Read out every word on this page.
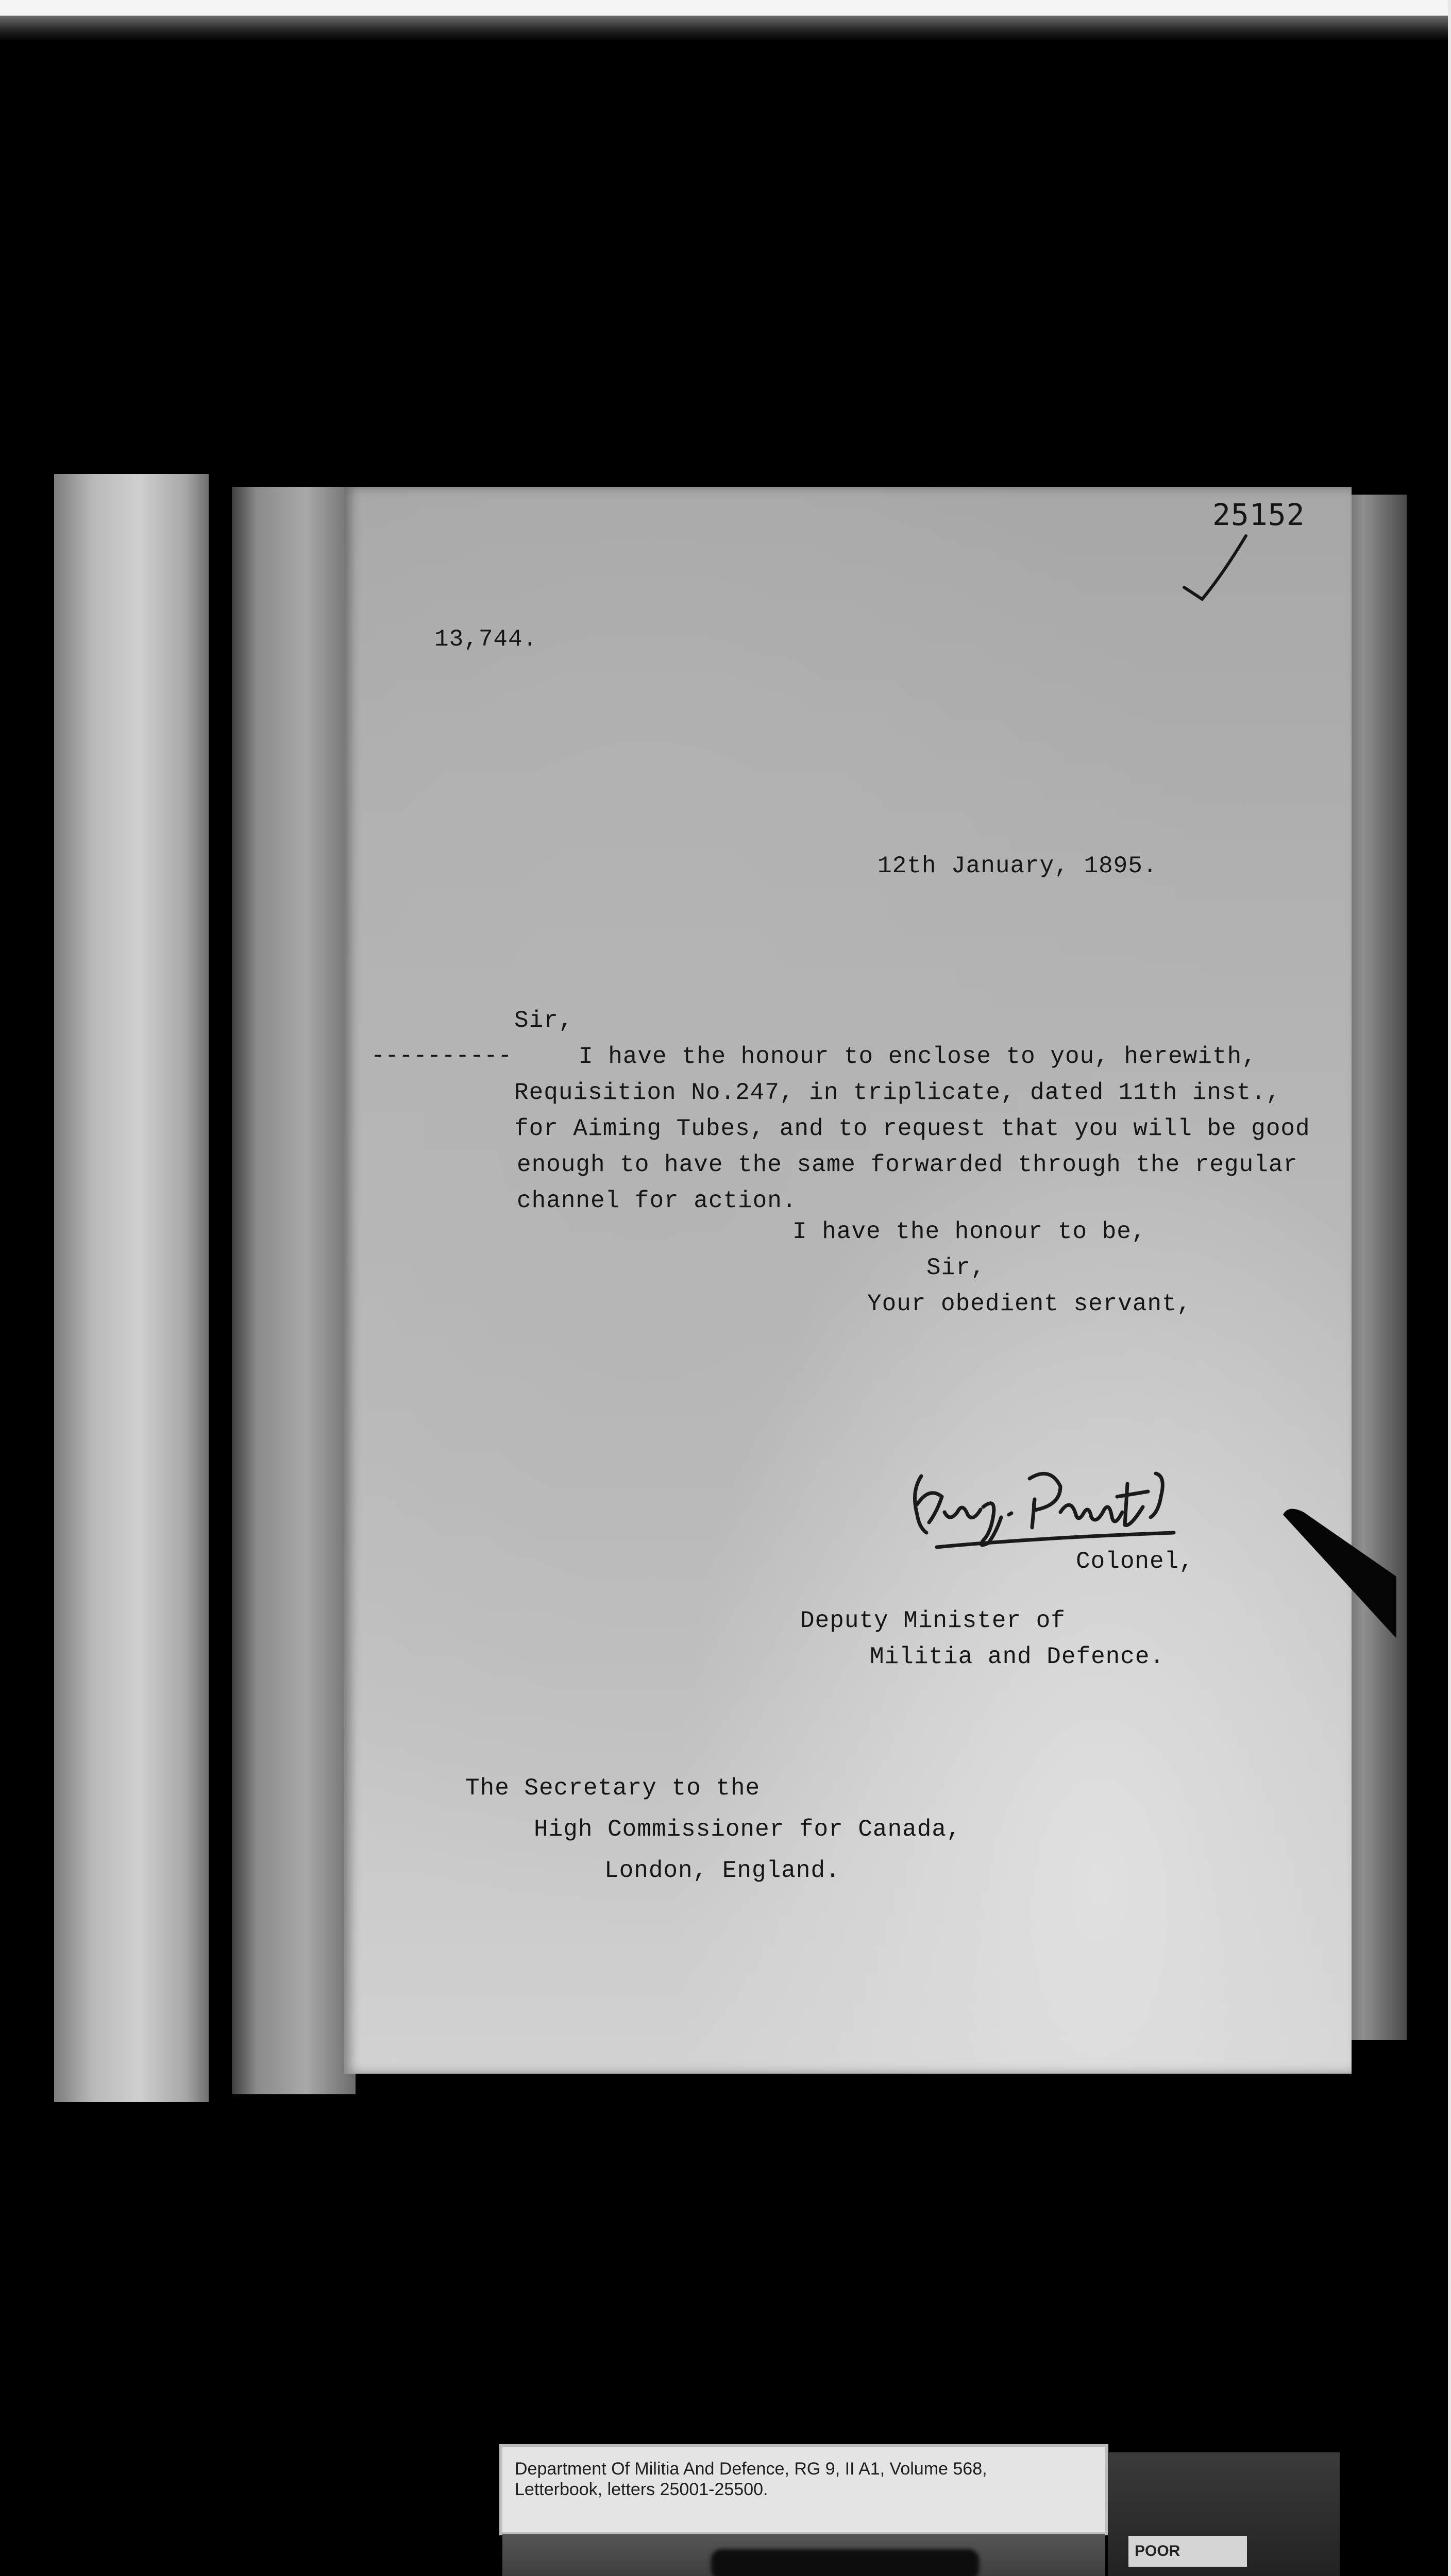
25152
13,744.
12th January, 1895.
Sir,
----------	I have the honour to enclose to you, herewith,
Requisition No.247, in triplicate, dated 11th inst.,
for Aiming Tubes, and to request that you will be good
enough to have the same forwarded through the regular
channel for action.
I have the honour to be,
Sir,
Your obedient servant,
Colonel,
Deputy Minister of
Militia and Defence.
The Secretary to the
High Commissioner for Canada,
London, England.
Department Of Militia And Defence, RG 9, II A1, Volume 568,
Letterbook, letters 25001-25500.
POOR
